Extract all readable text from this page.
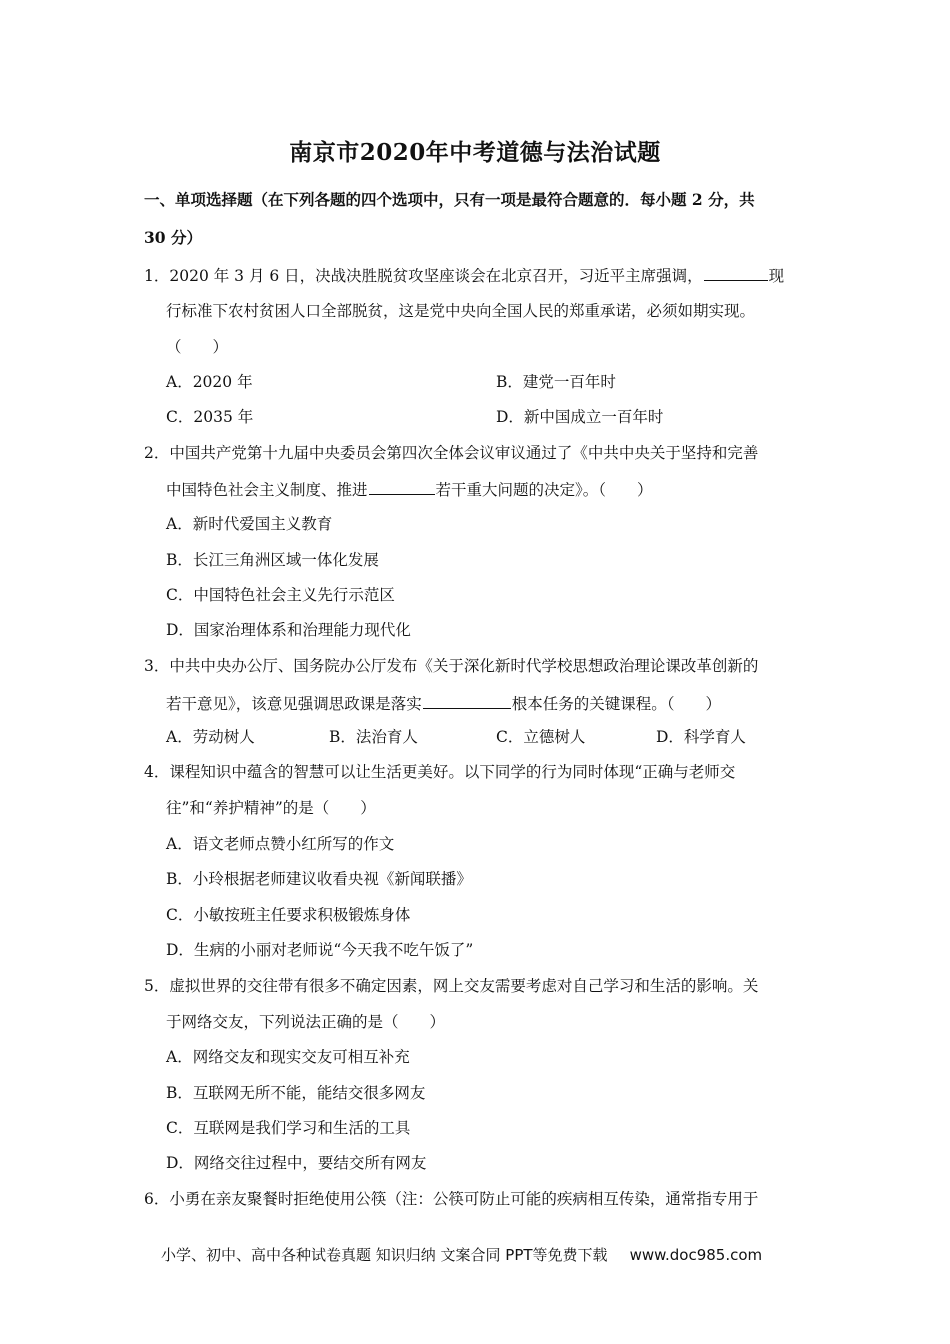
南京市2020年中考道德与法治试题
一、单项选择题（在下列各题的四个选项中，只有一项是最符合题意的．每小题 2 分，共
30 分）
1．2020 年 3 月 6 日，决战决胜脱贫攻坚座谈会在北京召开，习近平主席强调，	现
行标准下农村贫困人口全部脱贫，这是党中央向全国人民的郑重承诺，必须如期实现。
（　　）
A．2020 年	B．建党一百年时
C．2035 年	D．新中国成立一百年时
2．中国共产党第十九届中央委员会第四次全体会议审议通过了《中共中央关于坚持和完善
中国特色社会主义制度、推进	若干重大问题的决定》。（　　）
A．新时代爱国主义教育
B．长江三角洲区域一体化发展
C．中国特色社会主义先行示范区
D．国家治理体系和治理能力现代化
3．中共中央办公厅、国务院办公厅发布《关于深化新时代学校思想政治理论课改革创新的
若干意见》，该意见强调思政课是落实	根本任务的关键课程。（　　）
A．劳动树人	B．法治育人	C．立德树人	D．科学育人
4．课程知识中蕴含的智慧可以让生活更美好。以下同学的行为同时体现“正确与老师交
往”和“养护精神”的是（　　）
A．语文老师点赞小红所写的作文
B．小玲根据老师建议收看央视《新闻联播》
C．小敏按班主任要求积极锻炼身体
D．生病的小丽对老师说“今天我不吃午饭了”
5．虚拟世界的交往带有很多不确定因素，网上交友需要考虑对自己学习和生活的影响。关
于网络交友，下列说法正确的是（　　）
A．网络交友和现实交友可相互补充
B．互联网无所不能，能结交很多网友
C．互联网是我们学习和生活的工具
D．网络交往过程中，要结交所有网友
6．小勇在亲友聚餐时拒绝使用公筷（注：公筷可防止可能的疾病相互传染，通常指专用于
小学、初中、高中各种试卷真题 知识归纳 文案合同 PPT等免费下载 www.doc985.com
